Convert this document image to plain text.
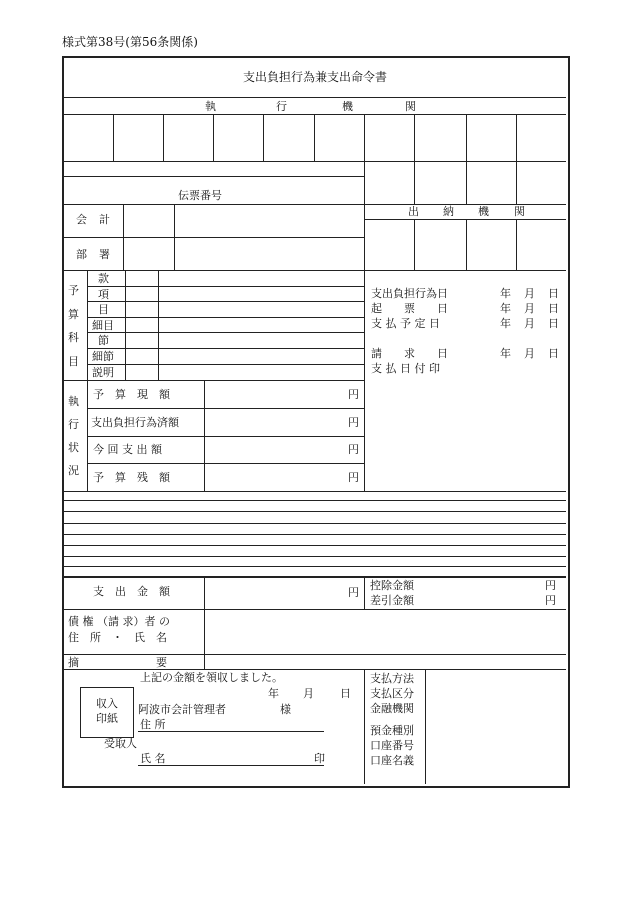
様式第38号(第56条関係)
支出負担行為兼支出命令書
執	行	機	関
伝票番号
出 納 機 関
会 計
部 署
予
算
科
目
款
項
目
細目
節
細節
説明
支出負担行為日	年 月 日
起　　票　　日	年 月 日
支 払 予 定 日	年 月 日
請　　求　　日	年 月 日
支 払 日 付 印
執
行
状
況
予　算　現　額	円
支出負担行為済額	円
今 回 支 出 額	円
予　算　残　額	円
支　出　金　額	円
控除金額	円
差引金額	円
債 権 （請 求）者 の
住　所　・　氏　名
摘　　　　　　　要
上記の金額を領収しました。
年 月 日
収入
印紙
阿波市会計管理者	様
住 所
受取人
氏 名	印
支払方法
支払区分
金融機関
預金種別
口座番号
口座名義
